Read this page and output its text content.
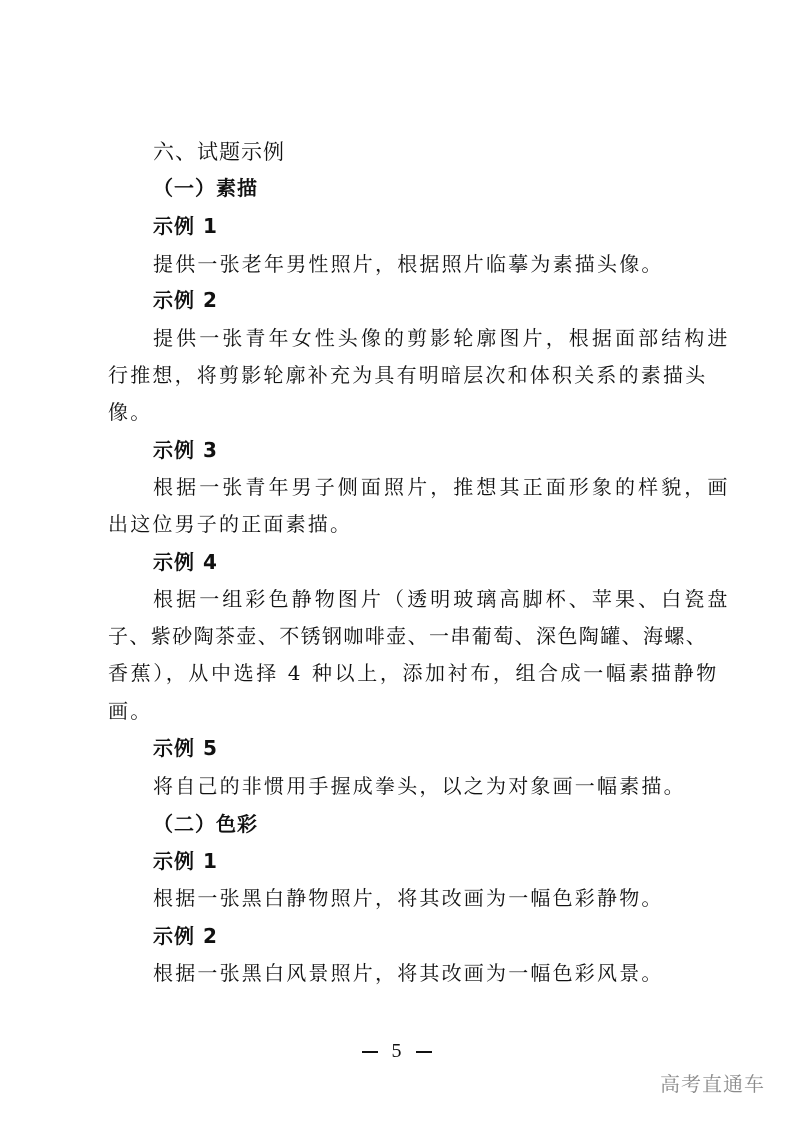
六、试题示例
（一）素描
示例 1
提供一张老年男性照片，根据照片临摹为素描头像。
示例 2
提供一张青年女性头像的剪影轮廓图片，根据面部结构进
行推想，将剪影轮廓补充为具有明暗层次和体积关系的素描头
像。
示例 3
根据一张青年男子侧面照片，推想其正面形象的样貌，画
出这位男子的正面素描。
示例 4
根据一组彩色静物图片（透明玻璃高脚杯、苹果、白瓷盘
子、紫砂陶茶壶、不锈钢咖啡壶、一串葡萄、深色陶罐、海螺、
香蕉），从中选择 4 种以上，添加衬布，组合成一幅素描静物
画。
示例 5
将自己的非惯用手握成拳头，以之为对象画一幅素描。
（二）色彩
示例 1
根据一张黑白静物照片，将其改画为一幅色彩静物。
示例 2
根据一张黑白风景照片，将其改画为一幅色彩风景。
5
高考直通车
